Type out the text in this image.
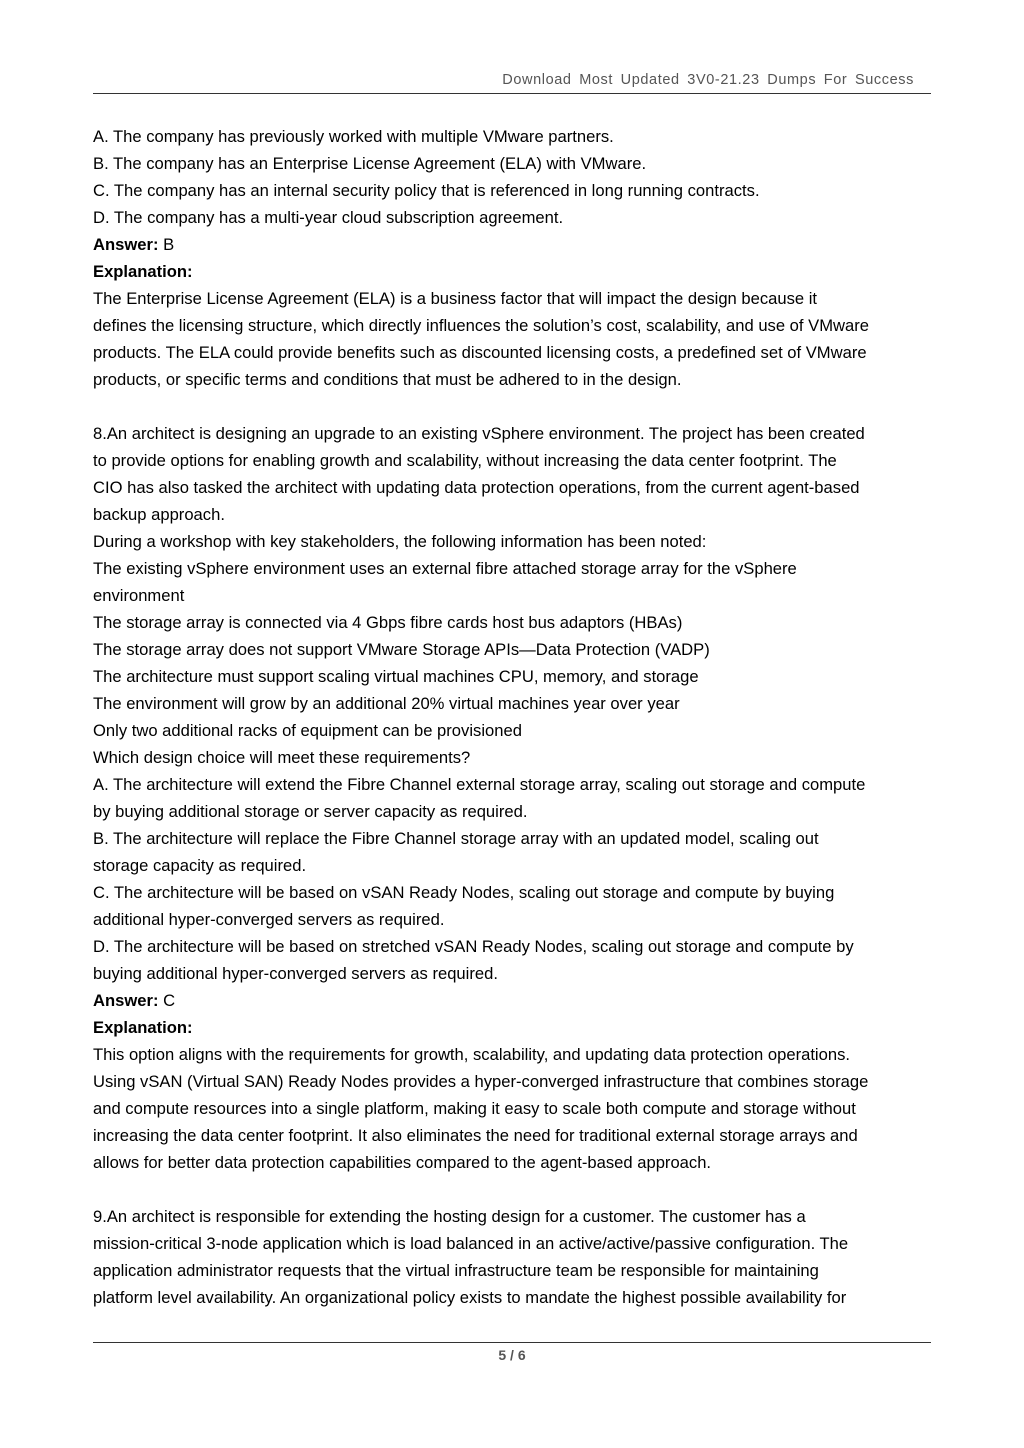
Download Most Updated 3V0-21.23 Dumps For Success
A. The company has previously worked with multiple VMware partners.
B. The company has an Enterprise License Agreement (ELA) with VMware.
C. The company has an internal security policy that is referenced in long running contracts.
D. The company has a multi-year cloud subscription agreement.
Answer: B
Explanation:
The Enterprise License Agreement (ELA) is a business factor that will impact the design because it
defines the licensing structure, which directly influences the solution’s cost, scalability, and use of VMware
products. The ELA could provide benefits such as discounted licensing costs, a predefined set of VMware
products, or specific terms and conditions that must be adhered to in the design.
8.An architect is designing an upgrade to an existing vSphere environment. The project has been created
to provide options for enabling growth and scalability, without increasing the data center footprint. The
CIO has also tasked the architect with updating data protection operations, from the current agent-based
backup approach.
During a workshop with key stakeholders, the following information has been noted:
The existing vSphere environment uses an external fibre attached storage array for the vSphere
environment
The storage array is connected via 4 Gbps fibre cards host bus adaptors (HBAs)
The storage array does not support VMware Storage APIs—Data Protection (VADP)
The architecture must support scaling virtual machines CPU, memory, and storage
The environment will grow by an additional 20% virtual machines year over year
Only two additional racks of equipment can be provisioned
Which design choice will meet these requirements?
A. The architecture will extend the Fibre Channel external storage array, scaling out storage and compute
by buying additional storage or server capacity as required.
B. The architecture will replace the Fibre Channel storage array with an updated model, scaling out
storage capacity as required.
C. The architecture will be based on vSAN Ready Nodes, scaling out storage and compute by buying
additional hyper-converged servers as required.
D. The architecture will be based on stretched vSAN Ready Nodes, scaling out storage and compute by
buying additional hyper-converged servers as required.
Answer: C
Explanation:
This option aligns with the requirements for growth, scalability, and updating data protection operations.
Using vSAN (Virtual SAN) Ready Nodes provides a hyper-converged infrastructure that combines storage
and compute resources into a single platform, making it easy to scale both compute and storage without
increasing the data center footprint. It also eliminates the need for traditional external storage arrays and
allows for better data protection capabilities compared to the agent-based approach.
9.An architect is responsible for extending the hosting design for a customer. The customer has a
mission-critical 3-node application which is load balanced in an active/active/passive configuration. The
application administrator requests that the virtual infrastructure team be responsible for maintaining
platform level availability. An organizational policy exists to mandate the highest possible availability for
5 / 6
